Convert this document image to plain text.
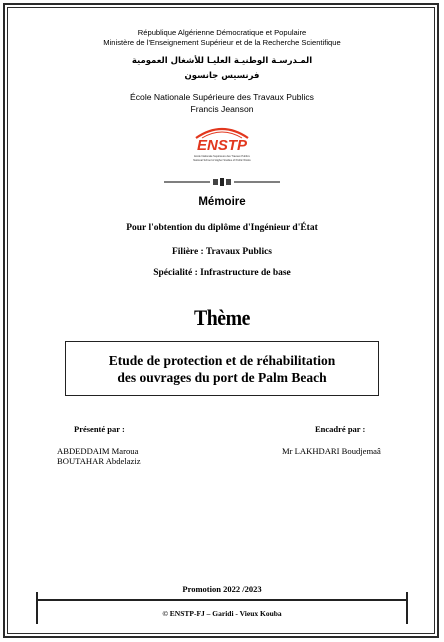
République Algérienne Démocratique et Populaire
Ministère de l'Enseignement Supérieur et de la Recherche Scientifique
المـدرسـة الوطنيـة العليـا للأشغال العمومية
فرنسيس جانسون
École Nationale Supérieure des Travaux Publics
Francis Jeanson
ENSTP
Ecole Nationale Supérieure des Travaux Publics
National School of Higher Studies of Public Works
Mémoire
Pour l'obtention du diplôme d'Ingénieur d'État
Filière : Travaux Publics
Spécialité : Infrastructure de base
Thème
Etude de protection et de réhabilitation
des ouvrages du port de Palm Beach
Présenté par :	Encadré par :
ABDEDDAIM Maroua
BOUTAHAR Abdelaziz
Mr LAKHDARI Boudjemaâ
Promotion 2022 /2023
© ENSTP-FJ – Garidi - Vieux Kouba
